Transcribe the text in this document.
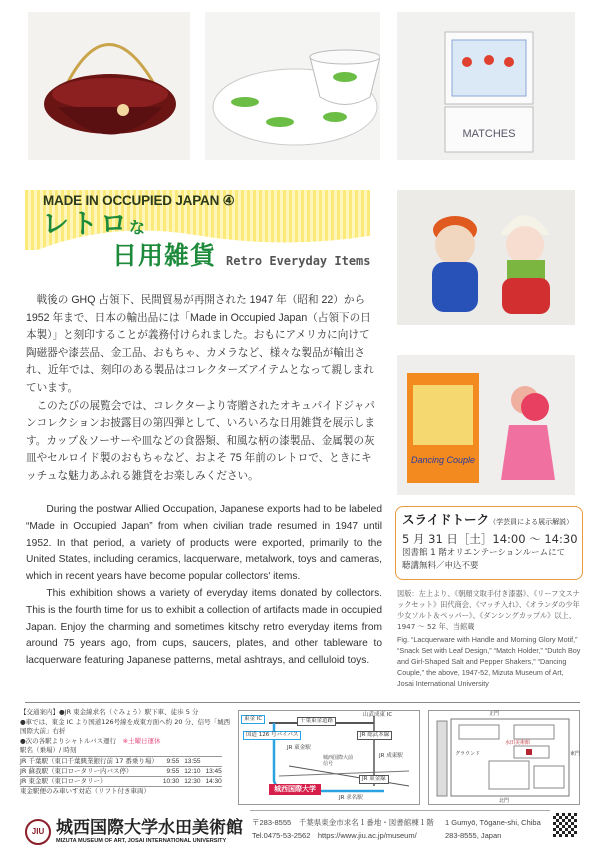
MATCHES
Dancing Couple
MADE IN OCCUPIED JAPAN ④
レトロな
日用雑貨 Retro Everyday Items

戦後の GHQ 占領下、民間貿易が再開された 1947 年（昭和 22）から 1952 年まで、日本の輸出品には「Made in Occupied Japan（占領下の日本製）」と刻印することが義務付けられました。おもにアメリカに向けて陶磁器や漆芸品、金工品、おもちゃ、カメラなど、様々な製品が輸出され、近年では、刻印のある製品はコレクターズアイテムとなって親しまれています。

このたびの展覧会では、コレクターより寄贈されたオキュパイドジャパンコレクションお披露目の第四弾として、いろいろな日用雑貨を展示します。カップ＆ソーサーや皿などの食器類、和風な柄の漆製品、金属製の灰皿やセルロイド製のおもちゃなど、およそ 75 年前のレトロで、ときにキッチュな魅力あふれる雑貨をお楽しみください。

During the postwar Allied Occupation, Japanese exports had to be labeled “Made in Occupied Japan” from when civilian trade resumed in 1947 until 1952. In that period, a variety of products were exported, primarily to the United States, including ceramics, lacquerware, metalwork, toys and cameras, which in recent years have become popular collectors' items.

This exhibition shows a variety of everyday items donated by collectors. This is the fourth time for us to exhibit a collection of artifacts made in occupied Japan. Enjoy the charming and sometimes kitschy retro everyday items from around 75 years ago, from cups, saucers, plates, and other tableware to lacquerware featuring Japanese patterns, metal ashtrays, and celluloid toys.

スライドトーク（学芸員による展示解説）
5 月 31 日［土］14:00 ～ 14:30
図書館 1 階オリエンテーションルームにて
聴講無料／申込不要
図版：左上より、《朝顔文取手付き漆器》、《リーフ文スナックセット》田代商会、《マッチ入れ》、《オランダの少年少女ソルト＆ペッパー》、《ダンシングカップル》以上、1947 ～ 52 年、当館蔵
Fig. “Lacquerware with Handle and Morning Glory Motif,” “Snack Set with Leaf Design,” “Match Holder,” “Dutch Boy and Girl-Shaped Salt and Pepper Shakers,” “Dancing Couple,” the above, 1947-52, Mizuta Museum of Art, Josai International University
【交通案内】●JR 東金線求名（ぐみょう）駅下車、徒歩 5 分
●車では、東金 IC より国道126号線を成東方面へ約 20 分、信号「城西国際大前」右折
●次の各駅よりシャトルバス運行　 ※土曜日運休
駅名（乗場）/ 時刻
JR 千葉駅（東口千葉興業銀行前 17 番乗り場）	9:55	13:55	
JR 蘇我駅（東口ロータリー内バス停）	9:55	12:10	13:45
JR 東金駅（東口ロータリー）	10:30	12:30	14:30
東金駅便のみ車いす対応（リフト付き車両）
東金 IC	千葉東金道路
山武成東 IC
国道 126 号バイパス	JR 総武本線
JR 東金駅
城西国際大前 信号
JR 成東駅
JR 東金線
JR 求名駅
城西国際大学
正門
水田美術館
グラウンド	東門
北門
JIU 城西国際大学水田美術館
MIZUTA MUSEUM OF ART, JOSAI INTERNATIONAL UNIVERSITY
〒283-8555　千葉県東金市求名１番地・図書館棟１階
Tel.0475-53-2562　https://www.jiu.ac.jp/museum/
1 Gumyō, Tōgane-shi, Chiba
283-8555, Japan
